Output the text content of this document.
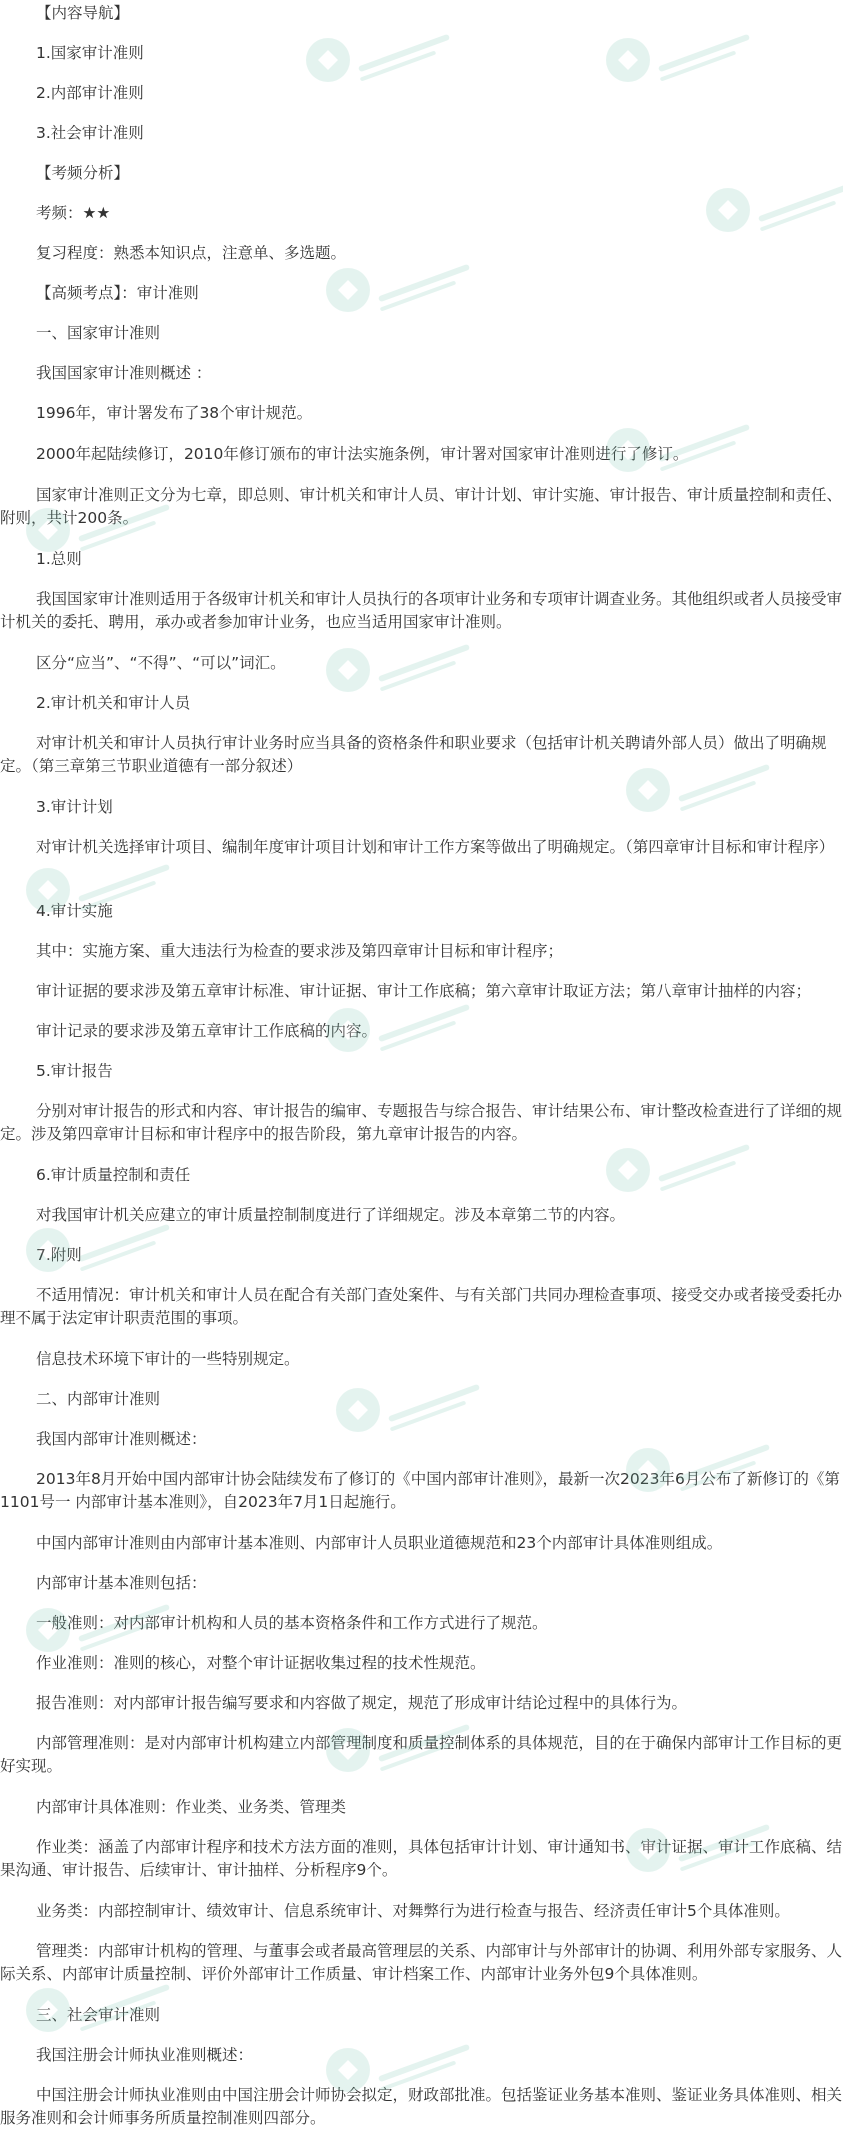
【内容导航】
1.国家审计准则
2.内部审计准则
3.社会审计准则
【考频分析】
考频：★★
复习程度：熟悉本知识点，注意单、多选题。
【高频考点】：审计准则
一、国家审计准则
我国国家审计准则概述 ：
1996年，审计署发布了38个审计规范。
2000年起陆续修订，2010年修订颁布的审计法实施条例，审计署对国家审计准则进行了修订。
国家审计准则正文分为七章，即总则、审计机关和审计人员、审计计划、审计实施、审计报告、审计质量控制和责任、附则，共计200条。
1.总则
我国国家审计准则适用于各级审计机关和审计人员执行的各项审计业务和专项审计调查业务。其他组织或者人员接受审计机关的委托、聘用，承办或者参加审计业务，也应当适用国家审计准则。
区分“应当”、“不得”、“可以”词汇。
2.审计机关和审计人员
对审计机关和审计人员执行审计业务时应当具备的资格条件和职业要求（包括审计机关聘请外部人员）做出了明确规定。（第三章第三节职业道德有一部分叙述）
3.审计计划
对审计机关选择审计项目、编制年度审计项目计划和审计工作方案等做出了明确规定。（第四章审计目标和审计程序）
4.审计实施
其中：实施方案、重大违法行为检查的要求涉及第四章审计目标和审计程序；
审计证据的要求涉及第五章审计标准、审计证据、审计工作底稿；第六章审计取证方法；第八章审计抽样的内容；
审计记录的要求涉及第五章审计工作底稿的内容。
5.审计报告
分别对审计报告的形式和内容、审计报告的编审、专题报告与综合报告、审计结果公布、审计整改检查进行了详细的规定。涉及第四章审计目标和审计程序中的报告阶段，第九章审计报告的内容。
6.审计质量控制和责任
对我国审计机关应建立的审计质量控制制度进行了详细规定。涉及本章第二节的内容。
7.附则
不适用情况：审计机关和审计人员在配合有关部门查处案件、与有关部门共同办理检查事项、接受交办或者接受委托办理不属于法定审计职责范围的事项。
信息技术环境下审计的一些特别规定。
二、内部审计准则
我国内部审计准则概述：
2013年8月开始中国内部审计协会陆续发布了修订的《中国内部审计准则》，最新一次2023年6月公布了新修订的《第1101号一 内部审计基本准则》，自2023年7月1日起施行。
中国内部审计准则由内部审计基本准则、内部审计人员职业道德规范和23个内部审计具体准则组成。
内部审计基本准则包括：
一般准则：对内部审计机构和人员的基本资格条件和工作方式进行了规范。
作业准则：准则的核心，对整个审计证据收集过程的技术性规范。
报告准则：对内部审计报告编写要求和内容做了规定，规范了形成审计结论过程中的具体行为。
内部管理准则：是对内部审计机构建立内部管理制度和质量控制体系的具体规范，目的在于确保内部审计工作目标的更好实现。
内部审计具体准则：作业类、业务类、管理类
作业类：涵盖了内部审计程序和技术方法方面的准则，具体包括审计计划、审计通知书、审计证据、审计工作底稿、结果沟通、审计报告、后续审计、审计抽样、分析程序9个。
业务类：内部控制审计、绩效审计、信息系统审计、对舞弊行为进行检查与报告、经济责任审计5个具体准则。
管理类：内部审计机构的管理、与董事会或者最高管理层的关系、内部审计与外部审计的协调、利用外部专家服务、人际关系、内部审计质量控制、评价外部审计工作质量、审计档案工作、内部审计业务外包9个具体准则。
三、社会审计准则
我国注册会计师执业准则概述：
中国注册会计师执业准则由中国注册会计师协会拟定，财政部批准。包括鉴证业务基本准则、鉴证业务具体准则、相关服务准则和会计师事务所质量控制准则四部分。
